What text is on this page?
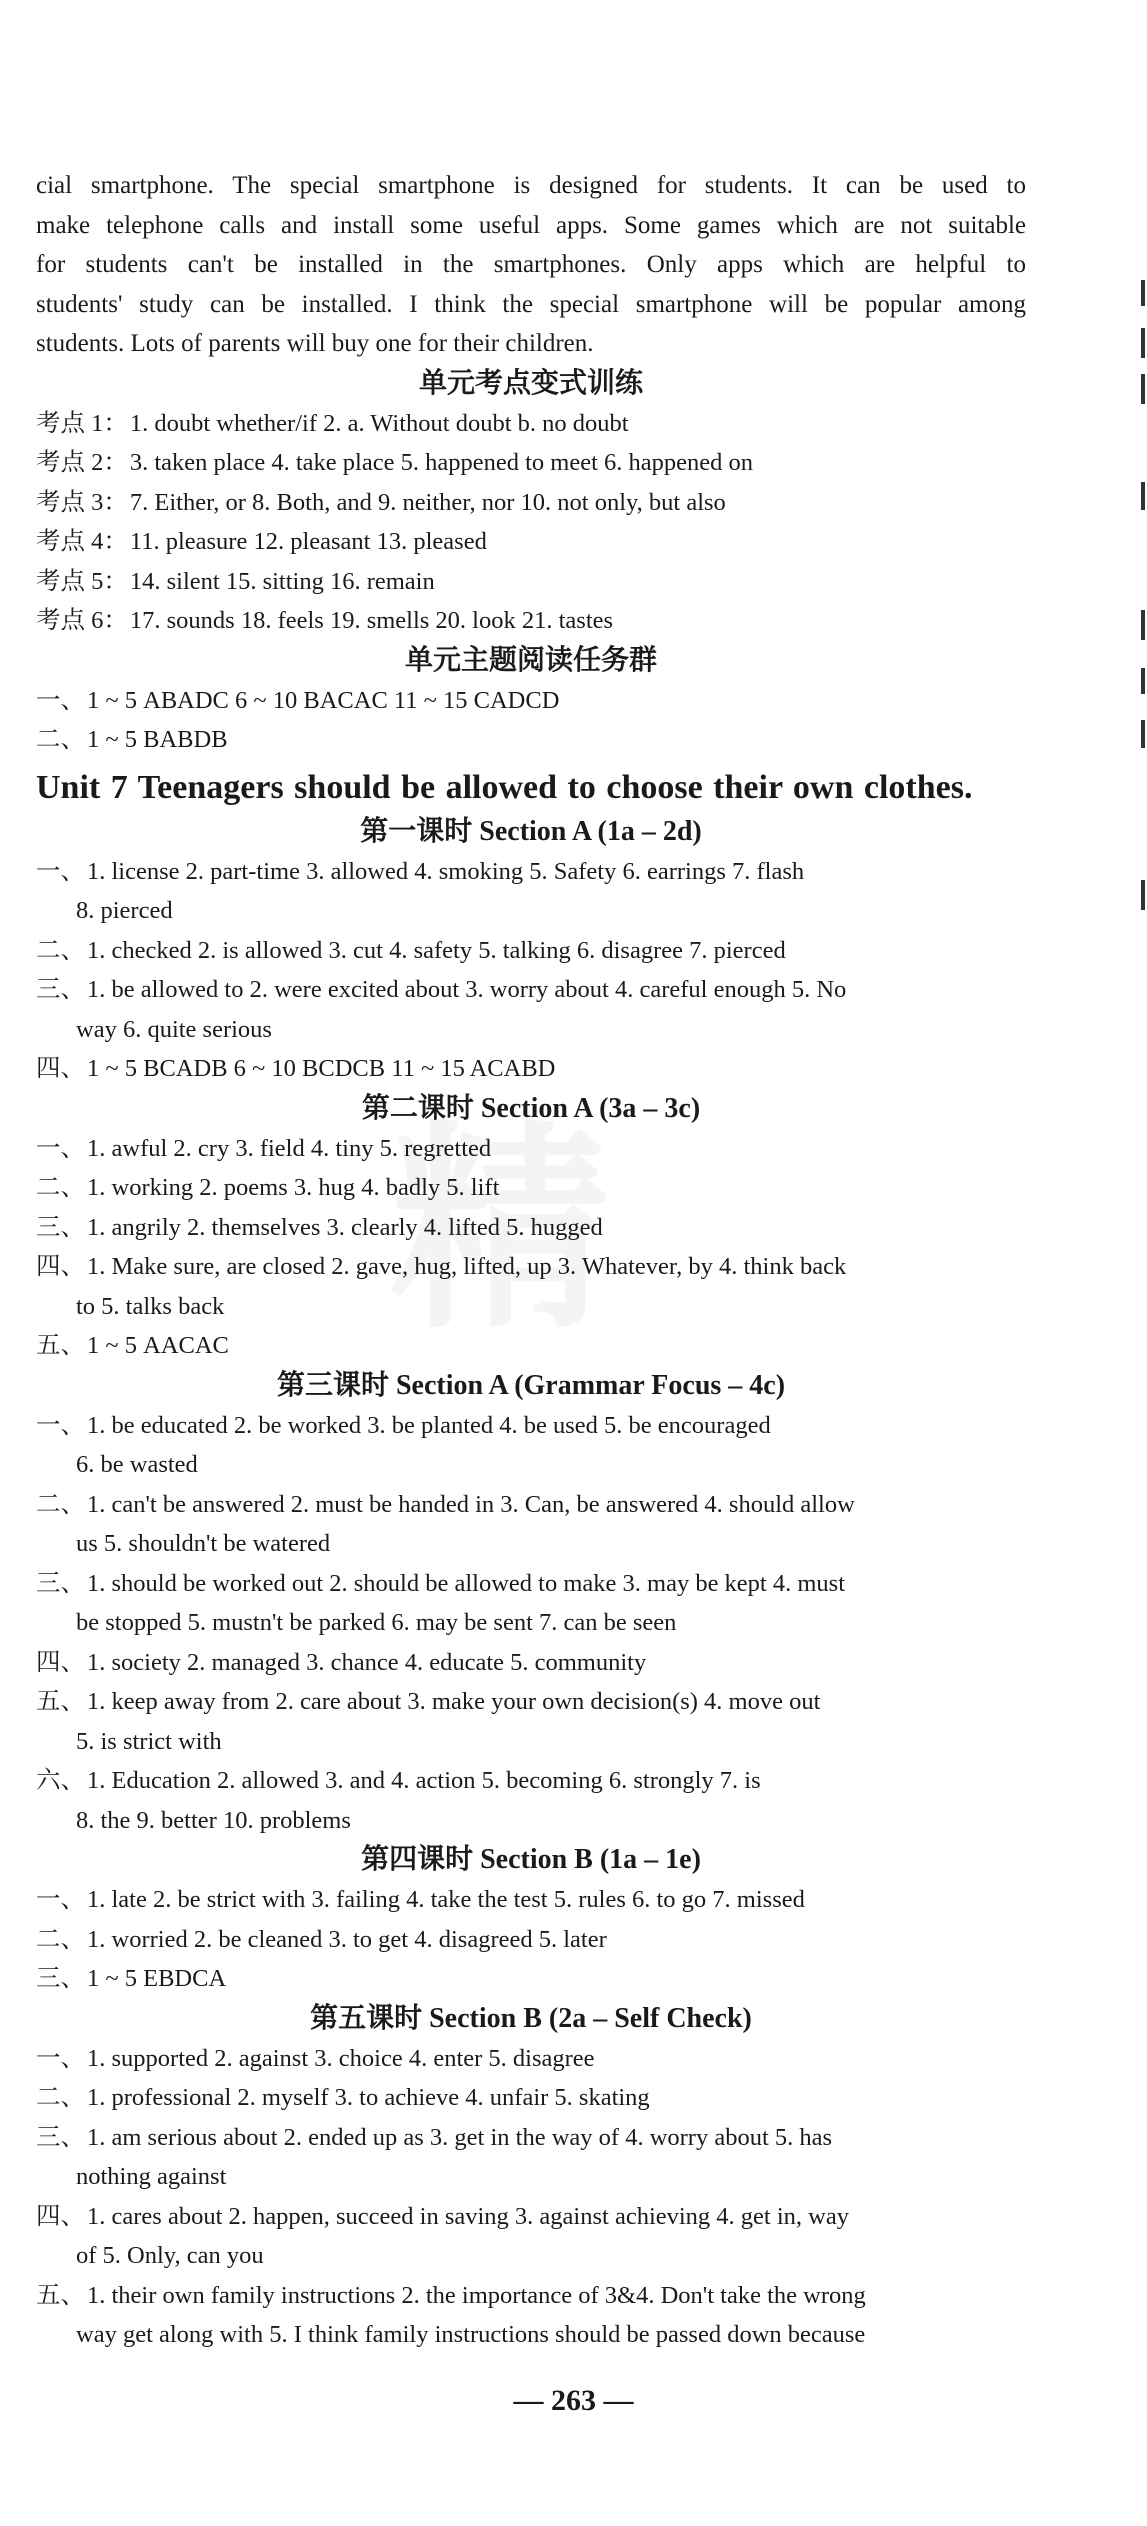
cial smartphone. The special smartphone is designed for students. It can be used to
make telephone calls and install some useful apps. Some games which are not suitable
for students can't be installed in the smartphones. Only apps which are helpful to
students' study can be installed. I think the special smartphone will be popular among
students. Lots of parents will buy one for their children.
单元考点变式训练
考点 1：1. doubt whether/if 2. a. Without doubt b. no doubt
考点 2：3. taken place 4. take place 5. happened to meet 6. happened on
考点 3：7. Either, or 8. Both, and 9. neither, nor 10. not only, but also
考点 4：11. pleasure 12. pleasant 13. pleased
考点 5：14. silent 15. sitting 16. remain
考点 6：17. sounds 18. feels 19. smells 20. look 21. tastes
单元主题阅读任务群
一、1 ~ 5 ABADC 6 ~ 10 BACAC 11 ~ 15 CADCD
二、1 ~ 5 BABDB
Unit 7 Teenagers should be allowed to choose their own clothes.
第一课时 Section A (1a – 2d)
一、1. license 2. part-time 3. allowed 4. smoking 5. Safety 6. earrings 7. flash
8. pierced
二、1. checked 2. is allowed 3. cut 4. safety 5. talking 6. disagree 7. pierced
三、1. be allowed to 2. were excited about 3. worry about 4. careful enough 5. No
way 6. quite serious
四、1 ~ 5 BCADB 6 ~ 10 BCDCB 11 ~ 15 ACABD
第二课时 Section A (3a – 3c)
一、1. awful 2. cry 3. field 4. tiny 5. regretted
二、1. working 2. poems 3. hug 4. badly 5. lift
三、1. angrily 2. themselves 3. clearly 4. lifted 5. hugged
四、1. Make sure, are closed 2. gave, hug, lifted, up 3. Whatever, by 4. think back
to 5. talks back
五、1 ~ 5 AACAC
第三课时 Section A (Grammar Focus – 4c)
一、1. be educated 2. be worked 3. be planted 4. be used 5. be encouraged
6. be wasted
二、1. can't be answered 2. must be handed in 3. Can, be answered 4. should allow
us 5. shouldn't be watered
三、1. should be worked out 2. should be allowed to make 3. may be kept 4. must
be stopped 5. mustn't be parked 6. may be sent 7. can be seen
四、1. society 2. managed 3. chance 4. educate 5. community
五、1. keep away from 2. care about 3. make your own decision(s) 4. move out
5. is strict with
六、1. Education 2. allowed 3. and 4. action 5. becoming 6. strongly 7. is
8. the 9. better 10. problems
第四课时 Section B (1a – 1e)
一、1. late 2. be strict with 3. failing 4. take the test 5. rules 6. to go 7. missed
二、1. worried 2. be cleaned 3. to get 4. disagreed 5. later
三、1 ~ 5 EBDCA
第五课时 Section B (2a – Self Check)
一、1. supported 2. against 3. choice 4. enter 5. disagree
二、1. professional 2. myself 3. to achieve 4. unfair 5. skating
三、1. am serious about 2. ended up as 3. get in the way of 4. worry about 5. has
nothing against
四、1. cares about 2. happen, succeed in saving 3. against achieving 4. get in, way
of 5. Only, can you
五、1. their own family instructions 2. the importance of 3&4. Don't take the wrong
way get along with 5. I think family instructions should be passed down because
— 263 —
